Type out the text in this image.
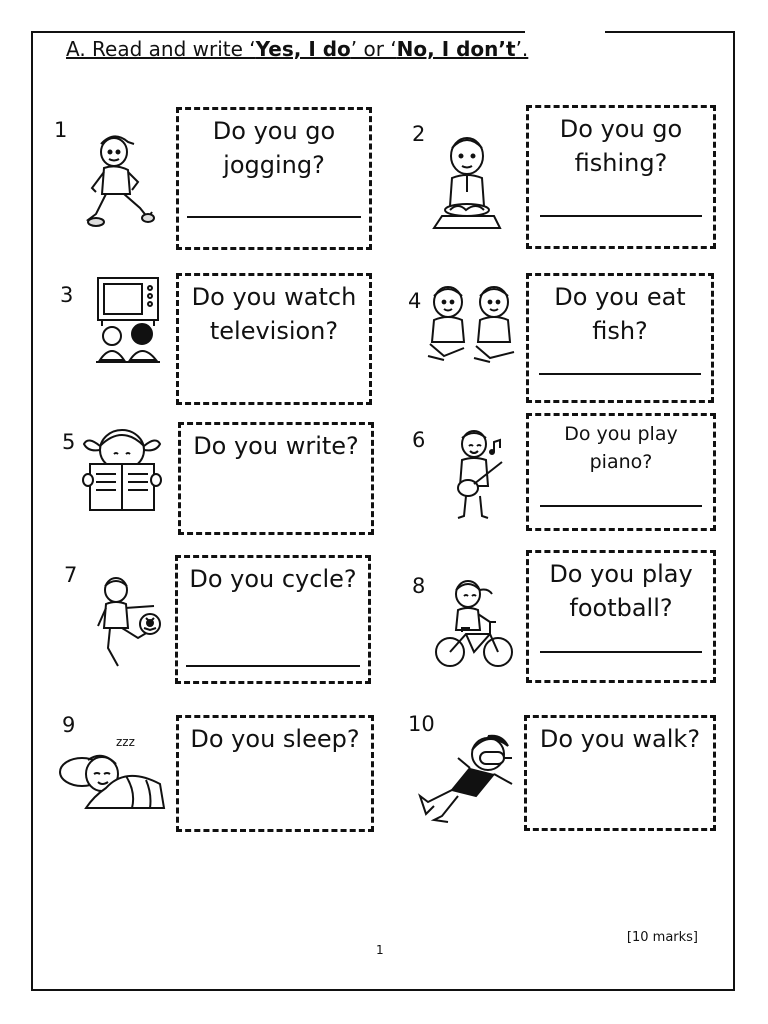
A. Read and write ‘Yes, I do’ or ‘No, I don’t’.
1	Do you go jogging?
2	Do you go fishing?
3	Do you watch television?
4	Do you eat fish?
5	Do you write?	6	Do you play piano?
7	Do you cycle?	8	Do you play football?
9
zzz	Do you sleep?
10
Do you walk?
[10 marks]
1
